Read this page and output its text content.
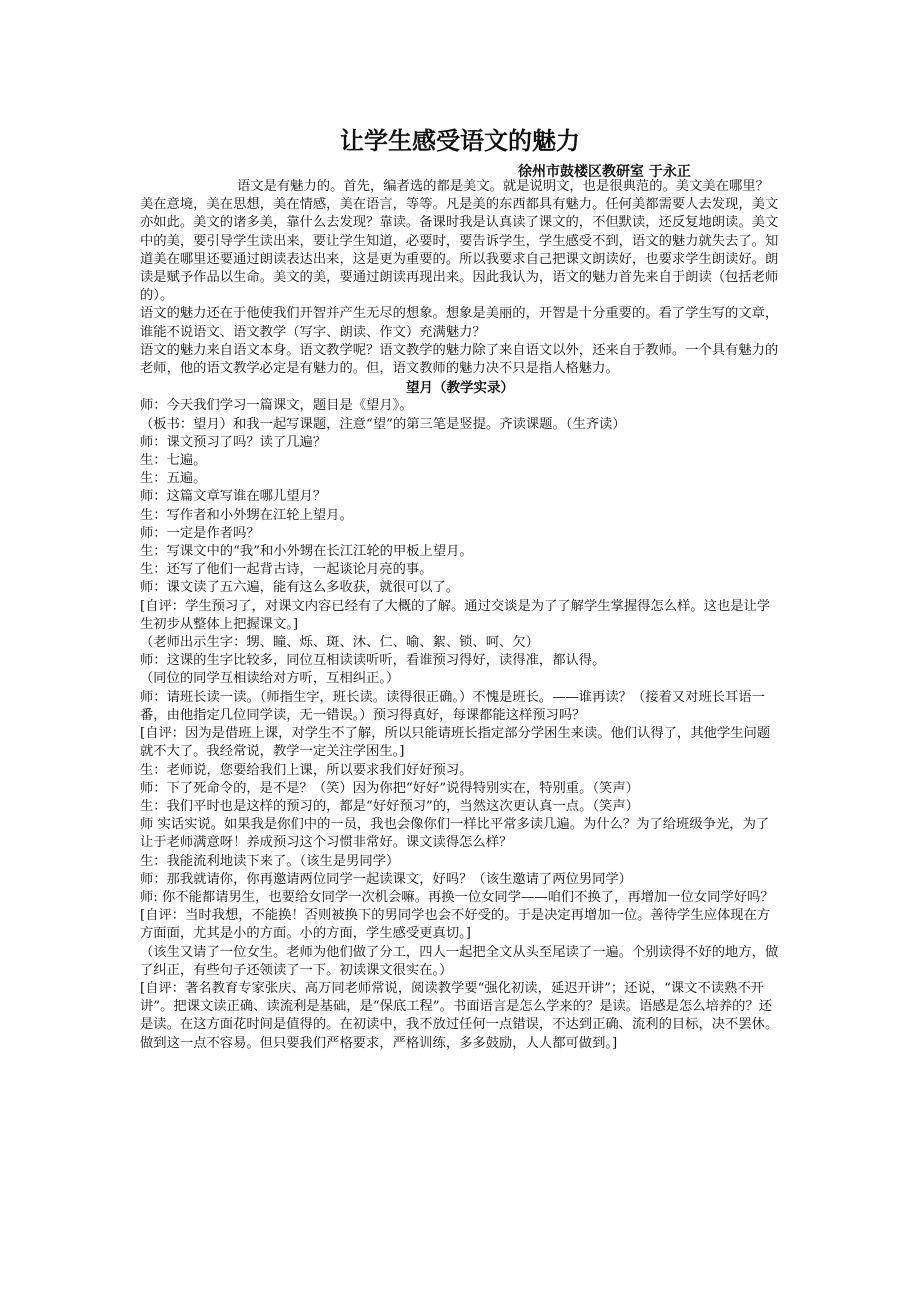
让学生感受语文的魅力
徐州市鼓楼区教研室 于永正

语文是有魅力的。首先，编者选的都是美文。就是说明文，也是很典范的。美文美在哪里？美在意境，美在思想，美在情感，美在语言，等等。凡是美的东西都具有魅力。任何美都需要人去发现，美文亦如此。美文的诸多美，靠什么去发现？靠读。备课时我是认真读了课文的，不但默读，还反复地朗读。美文中的美，要引导学生读出来，要让学生知道，必要时，要告诉学生，学生感受不到，语文的魅力就失去了。知道美在哪里还要通过朗读表达出来，这是更为重要的。所以我要求自己把课文朗读好，也要求学生朗读好。朗读是赋予作品以生命。美文的美，要通过朗读再现出来。因此我认为，语文的魅力首先来自于朗读（包括老师的）。

语文的魅力还在于他使我们开智并产生无尽的想象。想象是美丽的，开智是十分重要的。看了学生写的文章，谁能不说语文、语文教学（写字、朗读、作文）充满魅力？

语文的魅力来自语文本身。语文教学呢？语文教学的魅力除了来自语文以外，还来自于教师。一个具有魅力的老师，他的语文教学必定是有魅力的。但，语文教师的魅力决不只是指人格魅力。

望月（教学实录）

师：今天我们学习一篇课文，题目是《望月》。

（板书：望月）和我一起写课题，注意“望”的第三笔是竖提。齐读课题。（生齐读）

师：课文预习了吗？读了几遍？

生：七遍。

生：五遍。

师：这篇文章写谁在哪儿望月？

生：写作者和小外甥在江轮上望月。

师：一定是作者吗？

生：写课文中的“我”和小外甥在长江江轮的甲板上望月。

生：还写了他们一起背古诗，一起谈论月亮的事。

师：课文读了五六遍，能有这么多收获，就很可以了。

[自评：学生预习了，对课文内容已经有了大概的了解。通过交谈是为了了解学生掌握得怎么样。这也是让学生初步从整体上把握课文。]

（老师出示生字：甥、瞳、烁、斑、沐、仁、喻、絮、锁、呵、欠）

师：这课的生字比较多，同位互相读读听听，看谁预习得好，读得准，都认得。

（同位的同学互相读给对方听，互相纠正。）

师：请班长读一读。（师指生字，班长读。读得很正确。）不愧是班长。——谁再读？（接着又对班长耳语一番，由他指定几位同学读，无一错误。）预习得真好，每课都能这样预习吗？

[自评：因为是借班上课，对学生不了解，所以只能请班长指定部分学困生来读。他们认得了，其他学生问题就不大了。我经常说，教学一定关注学困生。]

生：老师说，您要给我们上课，所以要求我们好好预习。

师：下了死命令的，是不是？（笑）因为你把“好好”说得特别实在，特别重。（笑声）

生：我们平时也是这样的预习的，都是“好好预习”的，当然这次更认真一点。（笑声）

师 实话实说。如果我是你们中的一员，我也会像你们一样比平常多读几遍。为什么？为了给班级争光，为了让于老师满意呀！养成预习这个习惯非常好。课文读得怎么样？

生：我能流利地读下来了。（该生是男同学）

师：那我就请你，你再邀请两位同学一起读课文，好吗？（该生邀请了两位男同学）

师: 你不能都请男生，也要给女同学一次机会嘛。再换一位女同学——咱们不换了，再增加一位女同学好吗？

[自评：当时我想，不能换！否则被换下的男同学也会不好受的。于是决定再增加一位。善待学生应体现在方方面面，尤其是小的方面。小的方面，学生感受更真切。]

（该生又请了一位女生。老师为他们做了分工，四人一起把全文从头至尾读了一遍。个别读得不好的地方，做了纠正，有些句子还领读了一下。初读课文很实在。）

[自评：著名教育专家张庆、高万同老师常说，阅读教学要“强化初读，延迟开讲”；还说，“课文不读熟不开讲”。把课文读正确、读流利是基础，是“保底工程”。书面语言是怎么学来的？是读。语感是怎么培养的？还是读。在这方面花时间是值得的。在初读中，我不放过任何一点错误，不达到正确、流利的目标，决不罢休。做到这一点不容易。但只要我们严格要求，严格训练，多多鼓励，人人都可做到。]
